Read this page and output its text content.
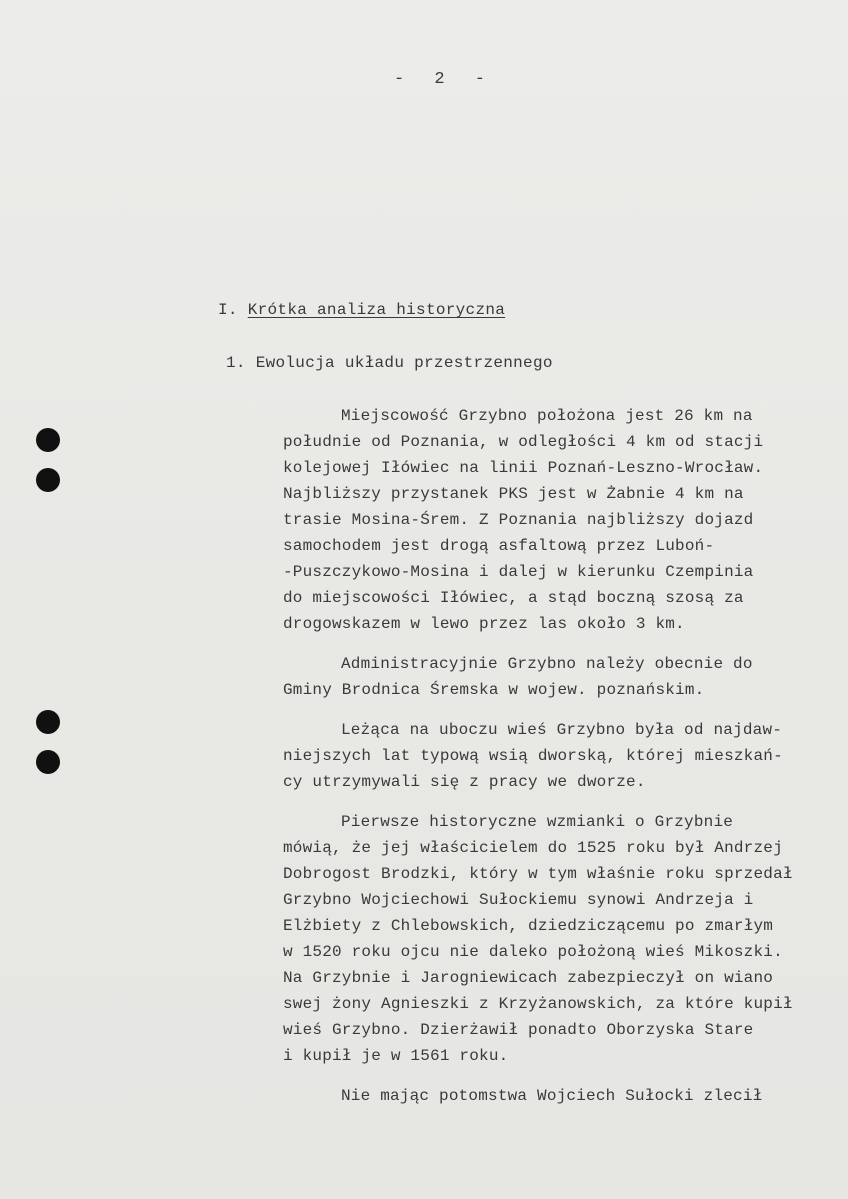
- 2 -
I. Krótka analiza historyczna
1. Ewolucja układu przestrzennego
Miejscowość Grzybno położona jest 26 km na
południe od Poznania, w odległości 4 km od stacji
kolejowej Iłówiec na linii Poznań-Leszno-Wrocław.
Najbliższy przystanek PKS jest w Żabnie 4 km na
trasie Mosina-Śrem. Z Poznania najbliższy dojazd
samochodem jest drogą asfaltową przez Luboń-
-Puszczykowo-Mosina i dalej w kierunku Czempinia
do miejscowości Iłówiec, a stąd boczną szosą za
drogowskazem w lewo przez las około 3 km.
Administracyjnie Grzybno należy obecnie do
Gminy Brodnica Śremska w wojew. poznańskim.
Leżąca na uboczu wieś Grzybno była od najdaw-
niejszych lat typową wsią dworską, której mieszkań-
cy utrzymywali się z pracy we dworze.
Pierwsze historyczne wzmianki o Grzybnie
mówią, że jej właścicielem do 1525 roku był Andrzej
Dobrogost Brodzki, który w tym właśnie roku sprzedał
Grzybno Wojciechowi Sułockiemu synowi Andrzeja i
Elżbiety z Chlebowskich, dziedziczącemu po zmarłym
w 1520 roku ojcu nie daleko położoną wieś Mikoszki.
Na Grzybnie i Jarogniewicach zabezpieczył on wiano
swej żony Agnieszki z Krzyżanowskich, za które kupił
wieś Grzybno. Dzierżawił ponadto Oborzyska Stare
i kupił je w 1561 roku.
Nie mając potomstwa Wojciech Sułocki zlecił
